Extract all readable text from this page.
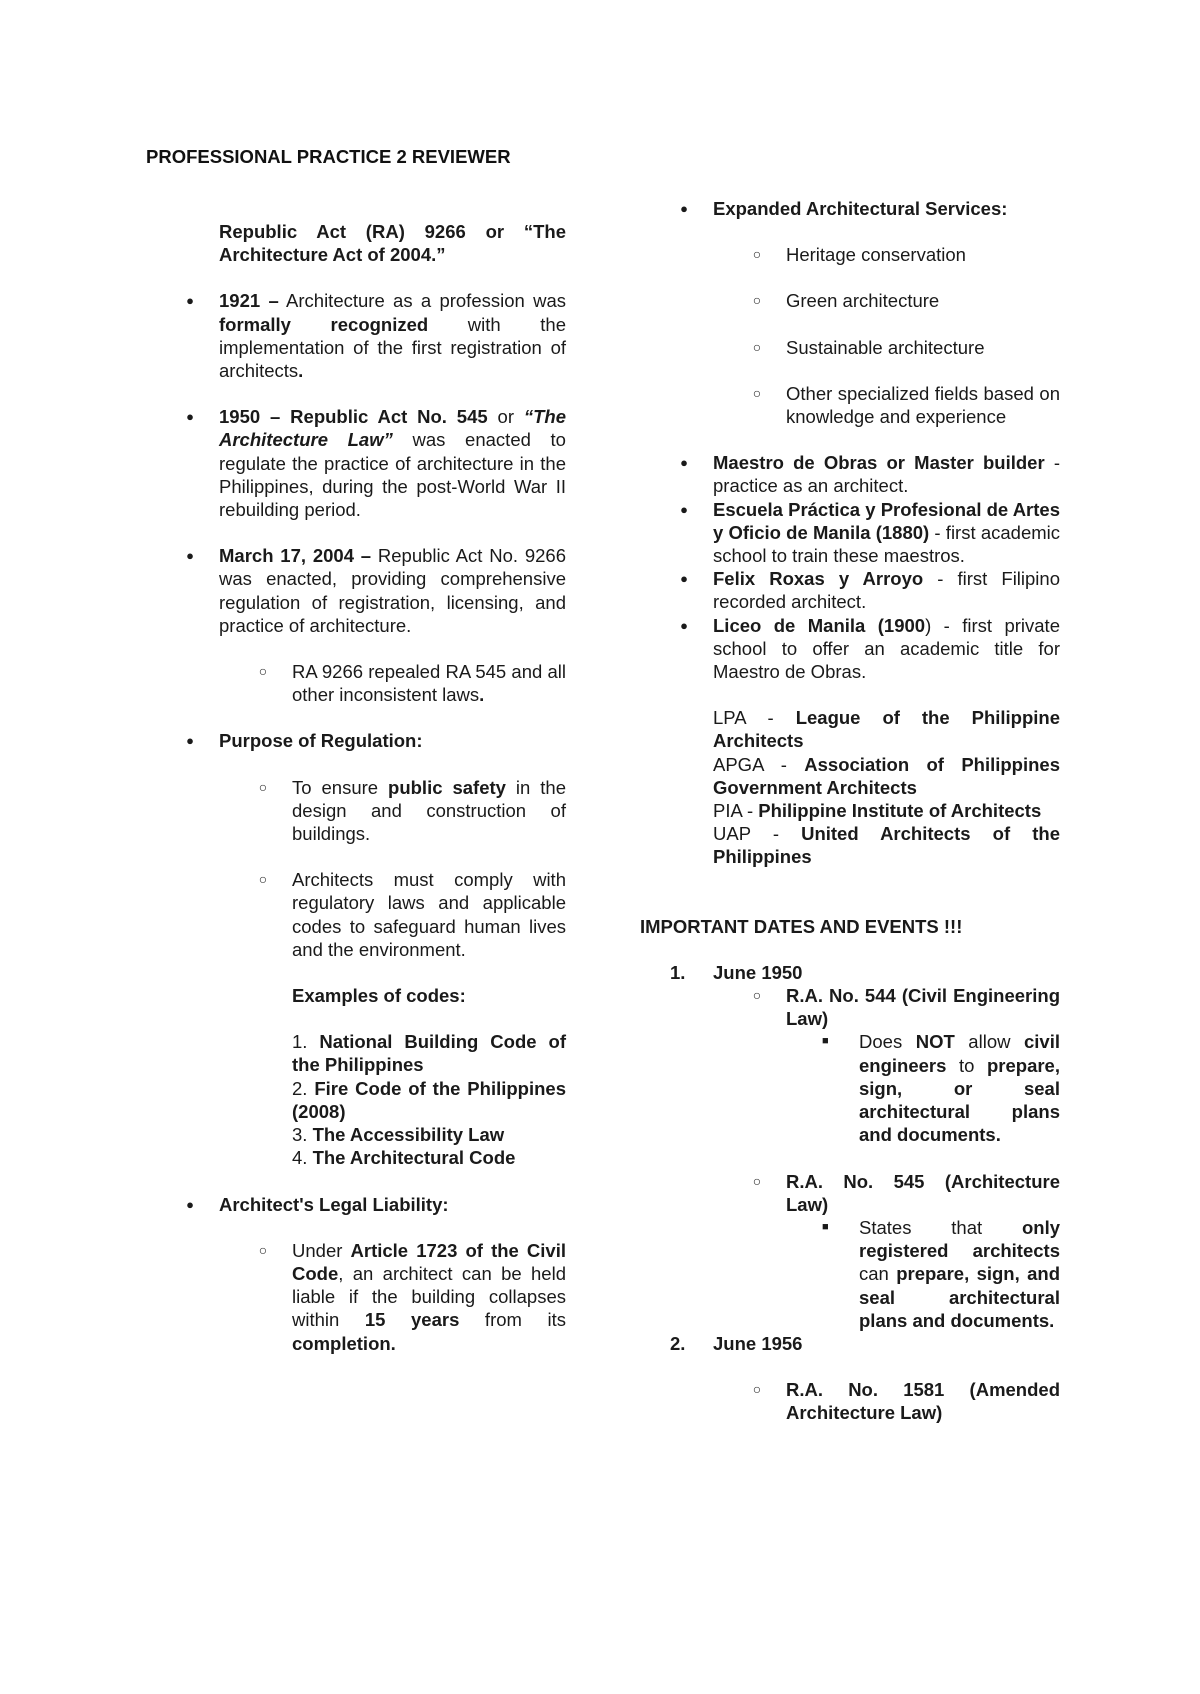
PROFESSIONAL PRACTICE 2 REVIEWER
Republic Act (RA) 9266 or “The Architecture Act of 2004.”
● 1921 – Architecture as a profession was formally recognized with the implementation of the first registration of architects.
● 1950 – Republic Act No. 545 or “The Architecture Law” was enacted to regulate the practice of architecture in the Philippines, during the post-World War II rebuilding period.
● March 17, 2004 – Republic Act No. 9266 was enacted, providing comprehensive regulation of registration, licensing, and practice of architecture.
○ RA 9266 repealed RA 545 and all other inconsistent laws.
● Purpose of Regulation:
○ To ensure public safety in the design and construction of buildings.
○ Architects must comply with regulatory laws and applicable codes to safeguard human lives and the environment.
Examples of codes:
1. National Building Code of the Philippines
2. Fire Code of the Philippines (2008)
3. The Accessibility Law
4. The Architectural Code
● Architect's Legal Liability:
○ Under Article 1723 of the Civil Code, an architect can be held liable if the building collapses within 15 years from its completion.
● Expanded Architectural Services:
○ Heritage conservation
○ Green architecture
○ Sustainable architecture
○ Other specialized fields based on knowledge and experience
● Maestro de Obras or Master builder - practice as an architect.
● Escuela Práctica y Profesional de Artes y Oficio de Manila (1880) - first academic school to train these maestros.
● Felix Roxas y Arroyo - first Filipino recorded architect.
● Liceo de Manila (1900) - first private school to offer an academic title for Maestro de Obras.
LPA - League of the Philippine Architects
APGA - Association of Philippines Government Architects
PIA - Philippine Institute of Architects
UAP - United Architects of the Philippines
IMPORTANT DATES AND EVENTS !!!
1. June 1950
○ R.A. No. 544 (Civil Engineering Law)
■ Does NOT allow civil engineers to prepare, sign, or seal architectural plans and documents.
○ R.A. No. 545 (Architecture Law)
■ States that only registered architects can prepare, sign, and seal architectural plans and documents.
2. June 1956
○ R.A. No. 1581 (Amended Architecture Law)
